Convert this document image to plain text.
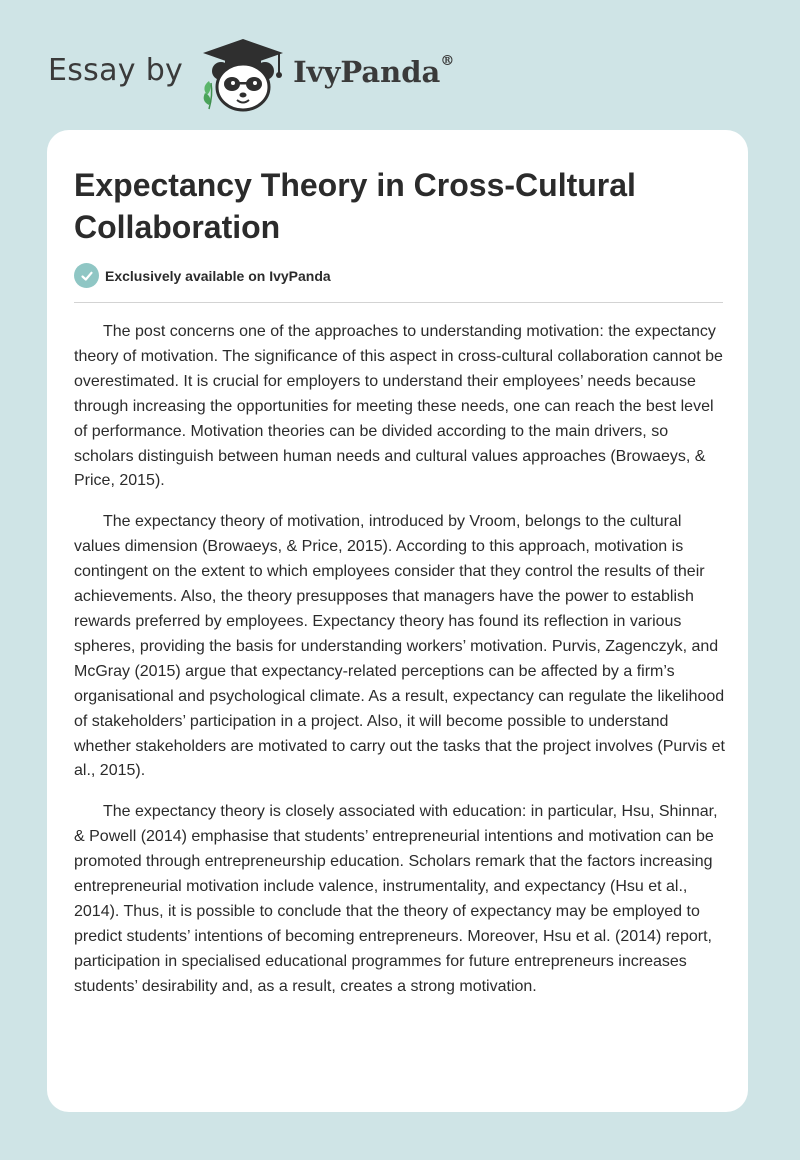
Essay by	IvyPanda®
Expectancy Theory in Cross-Cultural Collaboration
Exclusively available on IvyPanda

The post concerns one of the approaches to understanding motivation: the expectancy theory of motivation. The significance of this aspect in cross-cultural collaboration cannot be overestimated. It is crucial for employers to understand their employees’ needs because through increasing the opportunities for meeting these needs, one can reach the best level of performance. Motivation theories can be divided according to the main drivers, so scholars distinguish between human needs and cultural values approaches (Browaeys, & Price, 2015).

The expectancy theory of motivation, introduced by Vroom, belongs to the cultural values dimension (Browaeys, & Price, 2015). According to this approach, motivation is contingent on the extent to which employees consider that they control the results of their achievements. Also, the theory presupposes that managers have the power to establish rewards preferred by employees. Expectancy theory has found its reflection in various spheres, providing the basis for understanding workers’ motivation. Purvis, Zagenczyk, and McGray (2015) argue that expectancy-related perceptions can be affected by a firm’s organisational and psychological climate. As a result, expectancy can regulate the likelihood of stakeholders’ participation in a project. Also, it will become possible to understand whether stakeholders are motivated to carry out the tasks that the project involves (Purvis et al., 2015).

The expectancy theory is closely associated with education: in particular, Hsu, Shinnar, & Powell (2014) emphasise that students’ entrepreneurial intentions and motivation can be promoted through entrepreneurship education. Scholars remark that the factors increasing entrepreneurial motivation include valence, instrumentality, and expectancy (Hsu et al., 2014). Thus, it is possible to conclude that the theory of expectancy may be employed to predict students’ intentions of becoming entrepreneurs. Moreover, Hsu et al. (2014) report, participation in specialised educational programmes for future entrepreneurs increases students’ desirability and, as a result, creates a strong motivation.
